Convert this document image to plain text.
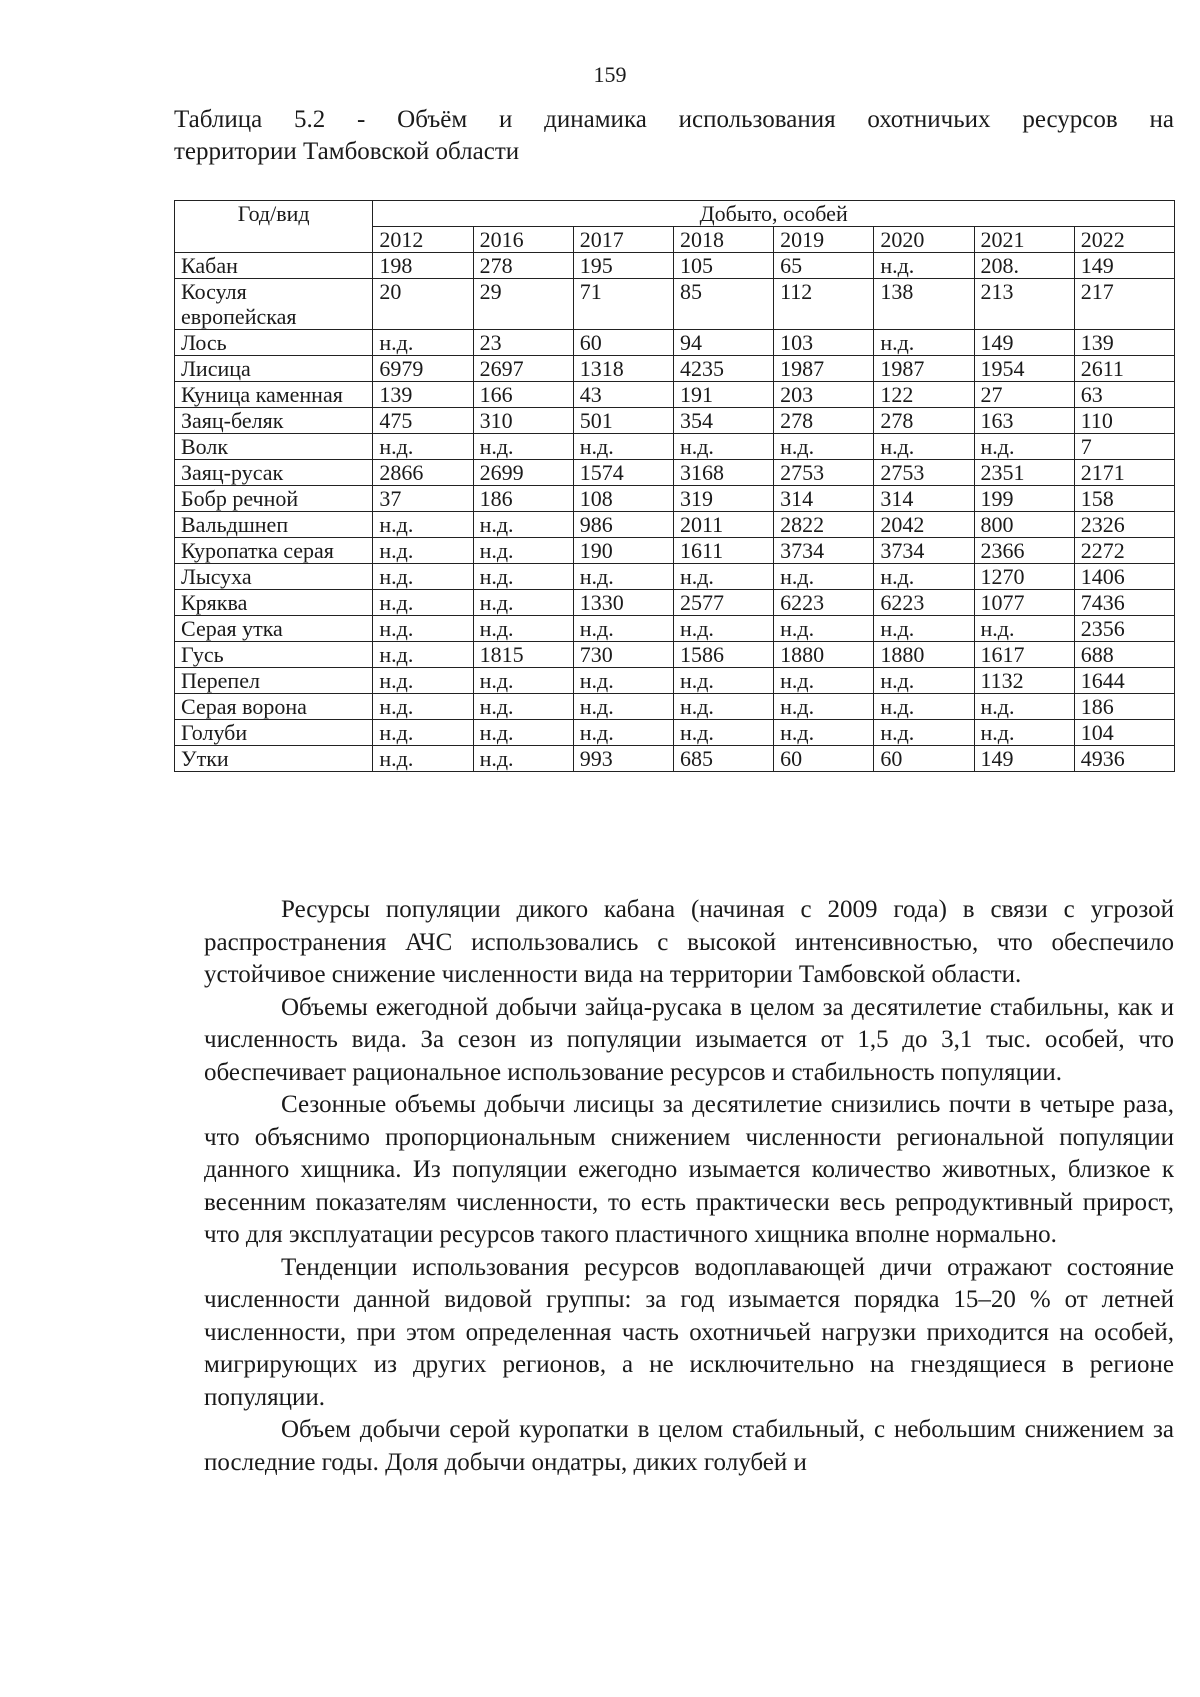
159
Таблица 5.2 - Объём и динамика использования охотничьих ресурсов на
территории Тамбовской области
Год/вид	Добыто, особей							
	2012	2016	2017	2018	2019	2020	2021	2022
Кабан	198	278	195	105	65	н.д.	208.	149
Косуля европейская	20	29	71	85	112	138	213	217
Лось	н.д.	23	60	94	103	н.д.	149	139
Лисица	6979	2697	1318	4235	1987	1987	1954	2611
Куница каменная	139	166	43	191	203	122	27	63
Заяц-беляк	475	310	501	354	278	278	163	110
Волк	н.д.	н.д.	н.д.	н.д.	н.д.	н.д.	н.д.	7
Заяц-русак	2866	2699	1574	3168	2753	2753	2351	2171
Бобр речной	37	186	108	319	314	314	199	158
Вальдшнеп	н.д.	н.д.	986	2011	2822	2042	800	2326
Куропатка серая	н.д.	н.д.	190	1611	3734	3734	2366	2272
Лысуха	н.д.	н.д.	н.д.	н.д.	н.д.	н.д.	1270	1406
Кряква	н.д.	н.д.	1330	2577	6223	6223	1077	7436
Серая утка	н.д.	н.д.	н.д.	н.д.	н.д.	н.д.	н.д.	2356
Гусь	н.д.	1815	730	1586	1880	1880	1617	688
Перепел	н.д.	н.д.	н.д.	н.д.	н.д.	н.д.	1132	1644
Серая ворона	н.д.	н.д.	н.д.	н.д.	н.д.	н.д.	н.д.	186
Голуби	н.д.	н.д.	н.д.	н.д.	н.д.	н.д.	н.д.	104
Утки	н.д.	н.д.	993	685	60	60	149	4936

Ресурсы популяции дикого кабана (начиная с 2009 года) в связи с угрозой распространения АЧС использовались с высокой интенсивностью, что обеспечило устойчивое снижение численности вида на территории Тамбовской области.

Объемы ежегодной добычи зайца-русака в целом за десятилетие стабильны, как и численность вида. За сезон из популяции изымается от 1,5 до 3,1 тыс. особей, что обеспечивает рациональное использование ресурсов и стабильность популяции.

Сезонные объемы добычи лисицы за десятилетие снизились почти в четыре раза, что объяснимо пропорциональным снижением численности региональной популяции данного хищника. Из популяции ежегодно изымается количество животных, близкое к весенним показателям численности, то есть практически весь репродуктивный прирост, что для эксплуатации ресурсов такого пластичного хищника вполне нормально.

Тенденции использования ресурсов водоплавающей дичи отражают состояние численности данной видовой группы: за год изымается порядка 15–20 % от летней численности, при этом определенная часть охотничьей нагрузки приходится на особей, мигрирующих из других регионов, а не исключительно на гнездящиеся в регионе популяции.

Объем добычи серой куропатки в целом стабильный, с небольшим снижением за последние годы. Доля добычи ондатры, диких голубей и
